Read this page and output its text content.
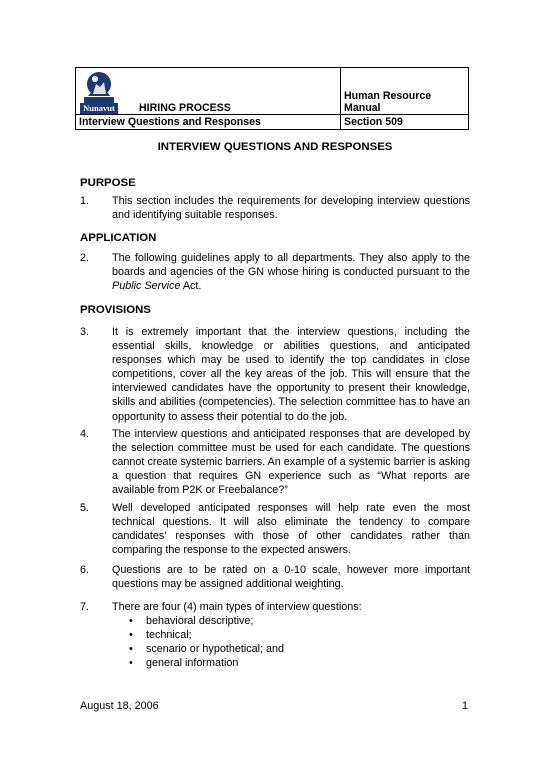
Nunavut HIRING PROCESS	Human Resource Manual
Interview Questions and Responses	Section 509
INTERVIEW QUESTIONS AND RESPONSES
PURPOSE
1. This section includes the requirements for developing interview questions and identifying suitable responses.
APPLICATION
2. The following guidelines apply to all departments. They also apply to the boards and agencies of the GN whose hiring is conducted pursuant to the Public Service Act.
PROVISIONS
3. It is extremely important that the interview questions, including the essential skills, knowledge or abilities questions, and anticipated responses which may be used to identify the top candidates in close competitions, cover all the key areas of the job. This will ensure that the interviewed candidates have the opportunity to present their knowledge, skills and abilities (competencies). The selection committee has to have an opportunity to assess their potential to do the job.
4. The interview questions and anticipated responses that are developed by the selection committee must be used for each candidate. The questions cannot create systemic barriers. An example of a systemic barrier is asking a question that requires GN experience such as “What reports are available from P2K or Freebalance?”
5. Well developed anticipated responses will help rate even the most technical questions. It will also eliminate the tendency to compare candidates’ responses with those of other candidates rather than comparing the response to the expected answers.
6. Questions are to be rated on a 0-10 scale, however more important questions may be assigned additional weighting.
7. There are four (4) main types of interview questions:
• behavioral descriptive;
• technical;
• scenario or hypothetical; and
• general information
August 18, 2006	1
